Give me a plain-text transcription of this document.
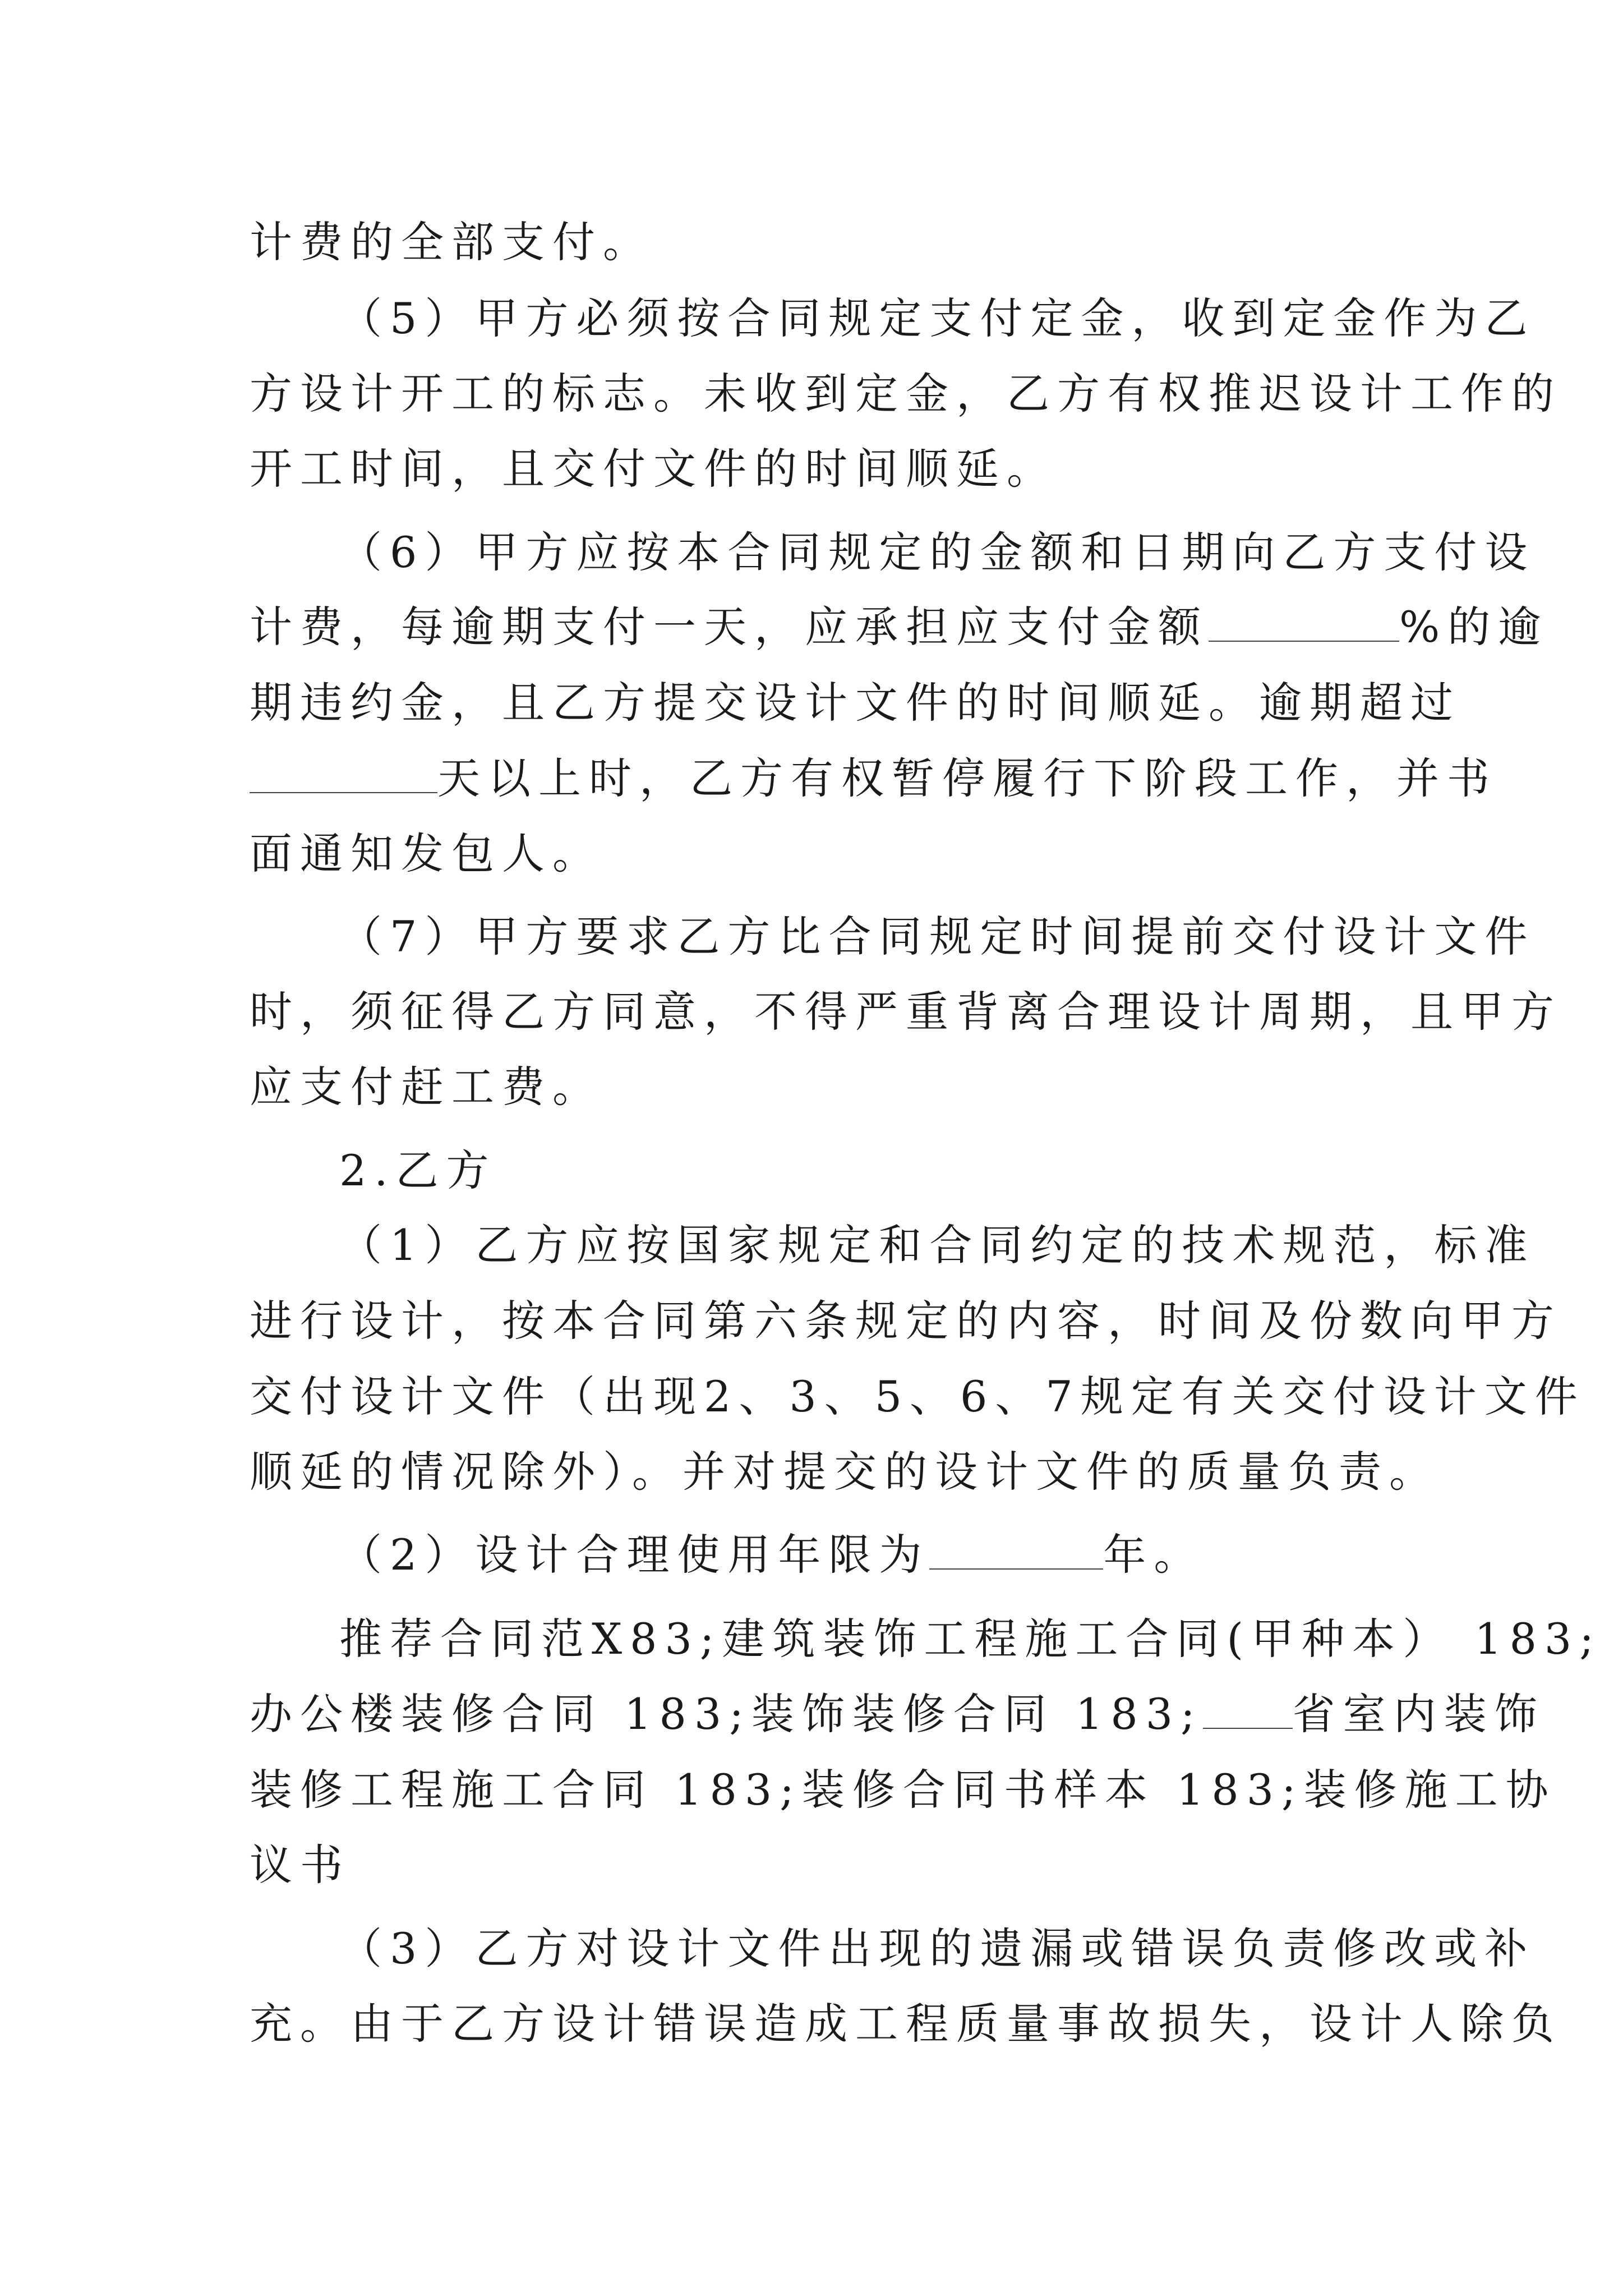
计费的全部支付。
（5）甲方必须按合同规定支付定金，收到定金作为乙
方设计开工的标志。未收到定金，乙方有权推迟设计工作的
开工时间，且交付文件的时间顺延。
（6）甲方应按本合同规定的金额和日期向乙方支付设
计费，每逾期支付一天，应承担应支付金额	%的逾
期违约金，且乙方提交设计文件的时间顺延。逾期超过
天以上时，乙方有权暂停履行下阶段工作，并书
面通知发包人。
（7）甲方要求乙方比合同规定时间提前交付设计文件
时，须征得乙方同意，不得严重背离合理设计周期，且甲方
应支付赶工费。
2.乙方
（1）乙方应按国家规定和合同约定的技术规范，标准
进行设计，按本合同第六条规定的内容，时间及份数向甲方
交付设计文件（出现2、3、5、6、7规定有关交付设计文件
顺延的情况除外）。并对提交的设计文件的质量负责。
（2）设计合理使用年限为	年。
推荐合同范X83;建筑装饰工程施工合同(甲种本） 183;
办公楼装修合同 183;装饰装修合同 183; 省室内装饰
装修工程施工合同 183;装修合同书样本 183;装修施工协
议书
（3）乙方对设计文件出现的遗漏或错误负责修改或补
充。由于乙方设计错误造成工程质量事故损失，设计人除负
